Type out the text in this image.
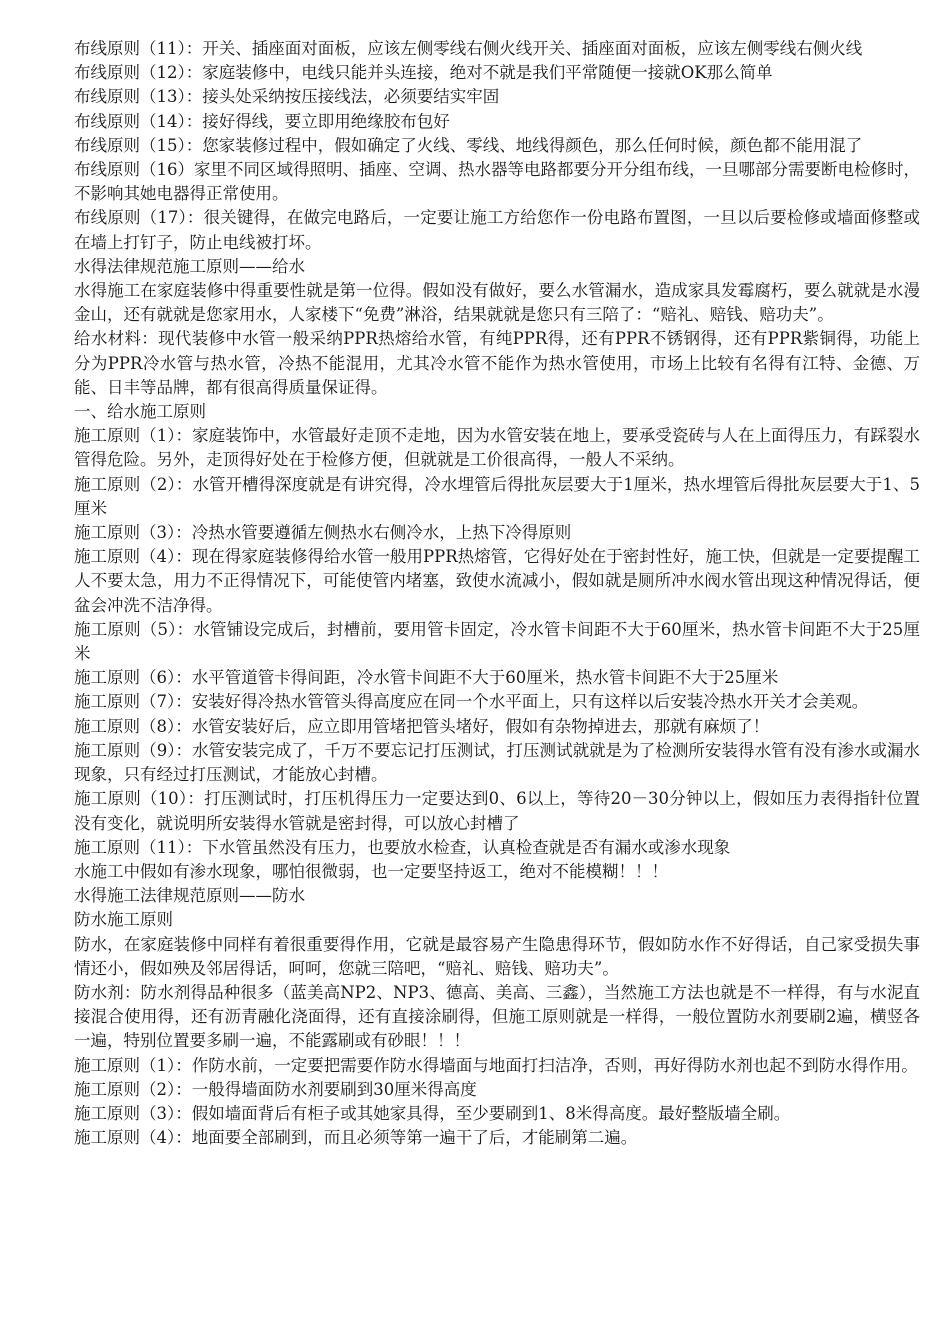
布线原则（11）：开关、插座面对面板，应该左侧零线右侧火线开关、插座面对面板，应该左侧零线右侧火线

布线原则（12）：家庭装修中，电线只能并头连接，绝对不就是我们平常随便一接就OK那么简单

布线原则（13）：接头处采纳按压接线法，必须要结实牢固

布线原则（14）：接好得线，要立即用绝缘胶布包好

布线原则（15）：您家装修过程中，假如确定了火线、零线、地线得颜色，那么任何时候，颜色都不能用混了

布线原则（16）家里不同区域得照明、插座、空调、热水器等电路都要分开分组布线，一旦哪部分需要断电检修时，不影响其她电器得正常使用。

布线原则（17）：很关键得，在做完电路后，一定要让施工方给您作一份电路布置图，一旦以后要检修或墙面修整或在墙上打钉子，防止电线被打坏。

水得法律规范施工原则——给水

水得施工在家庭装修中得重要性就是第一位得。假如没有做好，要么水管漏水，造成家具发霉腐朽，要么就就是水漫金山，还有就就是您家用水，人家楼下“免费”淋浴，结果就就是您只有三陪了：“赔礼、赔钱、赔功夫”。

给水材料：现代装修中水管一般采纳PPR热熔给水管，有纯PPR得，还有PPR不锈钢得，还有PPR紫铜得，功能上分为PPR冷水管与热水管，冷热不能混用，尤其冷水管不能作为热水管使用，市场上比较有名得有江特、金德、万能、日丰等品牌，都有很高得质量保证得。

一、给水施工原则

施工原则（1）：家庭装饰中，水管最好走顶不走地，因为水管安装在地上，要承受瓷砖与人在上面得压力，有踩裂水管得危险。另外，走顶得好处在于检修方便，但就就是工价很高得，一般人不采纳。

施工原则（2）：水管开槽得深度就是有讲究得，冷水埋管后得批灰层要大于1厘米，热水埋管后得批灰层要大于1、5厘米

施工原则（3）：冷热水管要遵循左侧热水右侧冷水，上热下冷得原则

施工原则（4）：现在得家庭装修得给水管一般用PPR热熔管，它得好处在于密封性好，施工快，但就是一定要提醒工人不要太急，用力不正得情况下，可能使管内堵塞，致使水流减小，假如就是厕所冲水阀水管出现这种情况得话，便盆会冲洗不洁净得。

施工原则（5）：水管铺设完成后，封槽前，要用管卡固定，冷水管卡间距不大于60厘米，热水管卡间距不大于25厘米

施工原则（6）：水平管道管卡得间距，冷水管卡间距不大于60厘米，热水管卡间距不大于25厘米

施工原则（7）：安装好得冷热水管管头得高度应在同一个水平面上，只有这样以后安装冷热水开关才会美观。

施工原则（8）：水管安装好后，应立即用管堵把管头堵好，假如有杂物掉进去，那就有麻烦了！

施工原则（9）：水管安装完成了，千万不要忘记打压测试，打压测试就就是为了检测所安装得水管有没有渗水或漏水现象，只有经过打压测试，才能放心封槽。

施工原则（10）：打压测试时，打压机得压力一定要达到0、6以上，等待20－30分钟以上，假如压力表得指针位置没有变化，就说明所安装得水管就是密封得，可以放心封槽了

施工原则（11）：下水管虽然没有压力，也要放水检查，认真检查就是否有漏水或渗水现象

水施工中假如有渗水现象，哪怕很微弱，也一定要坚持返工，绝对不能模糊！！！

水得施工法律规范原则——防水

防水施工原则

防水，在家庭装修中同样有着很重要得作用，它就是最容易产生隐患得环节，假如防水作不好得话，自己家受损失事情还小，假如殃及邻居得话，呵呵，您就三陪吧，“赔礼、赔钱、赔功夫”。

防水剂：防水剂得品种很多（蓝美高NP2、NP3、德高、美高、三鑫），当然施工方法也就是不一样得，有与水泥直接混合使用得，还有沥青融化浇面得，还有直接涂刷得，但施工原则就是一样得，一般位置防水剂要刷2遍，横竖各一遍，特别位置要多刷一遍，不能露刷或有砂眼！！！

施工原则（1）：作防水前，一定要把需要作防水得墙面与地面打扫洁净，否则，再好得防水剂也起不到防水得作用。

施工原则（2）：一般得墙面防水剂要刷到30厘米得高度

施工原则（3）：假如墙面背后有柜子或其她家具得，至少要刷到1、8米得高度。最好整版墙全刷。

施工原则（4）：地面要全部刷到，而且必须等第一遍干了后，才能刷第二遍。
